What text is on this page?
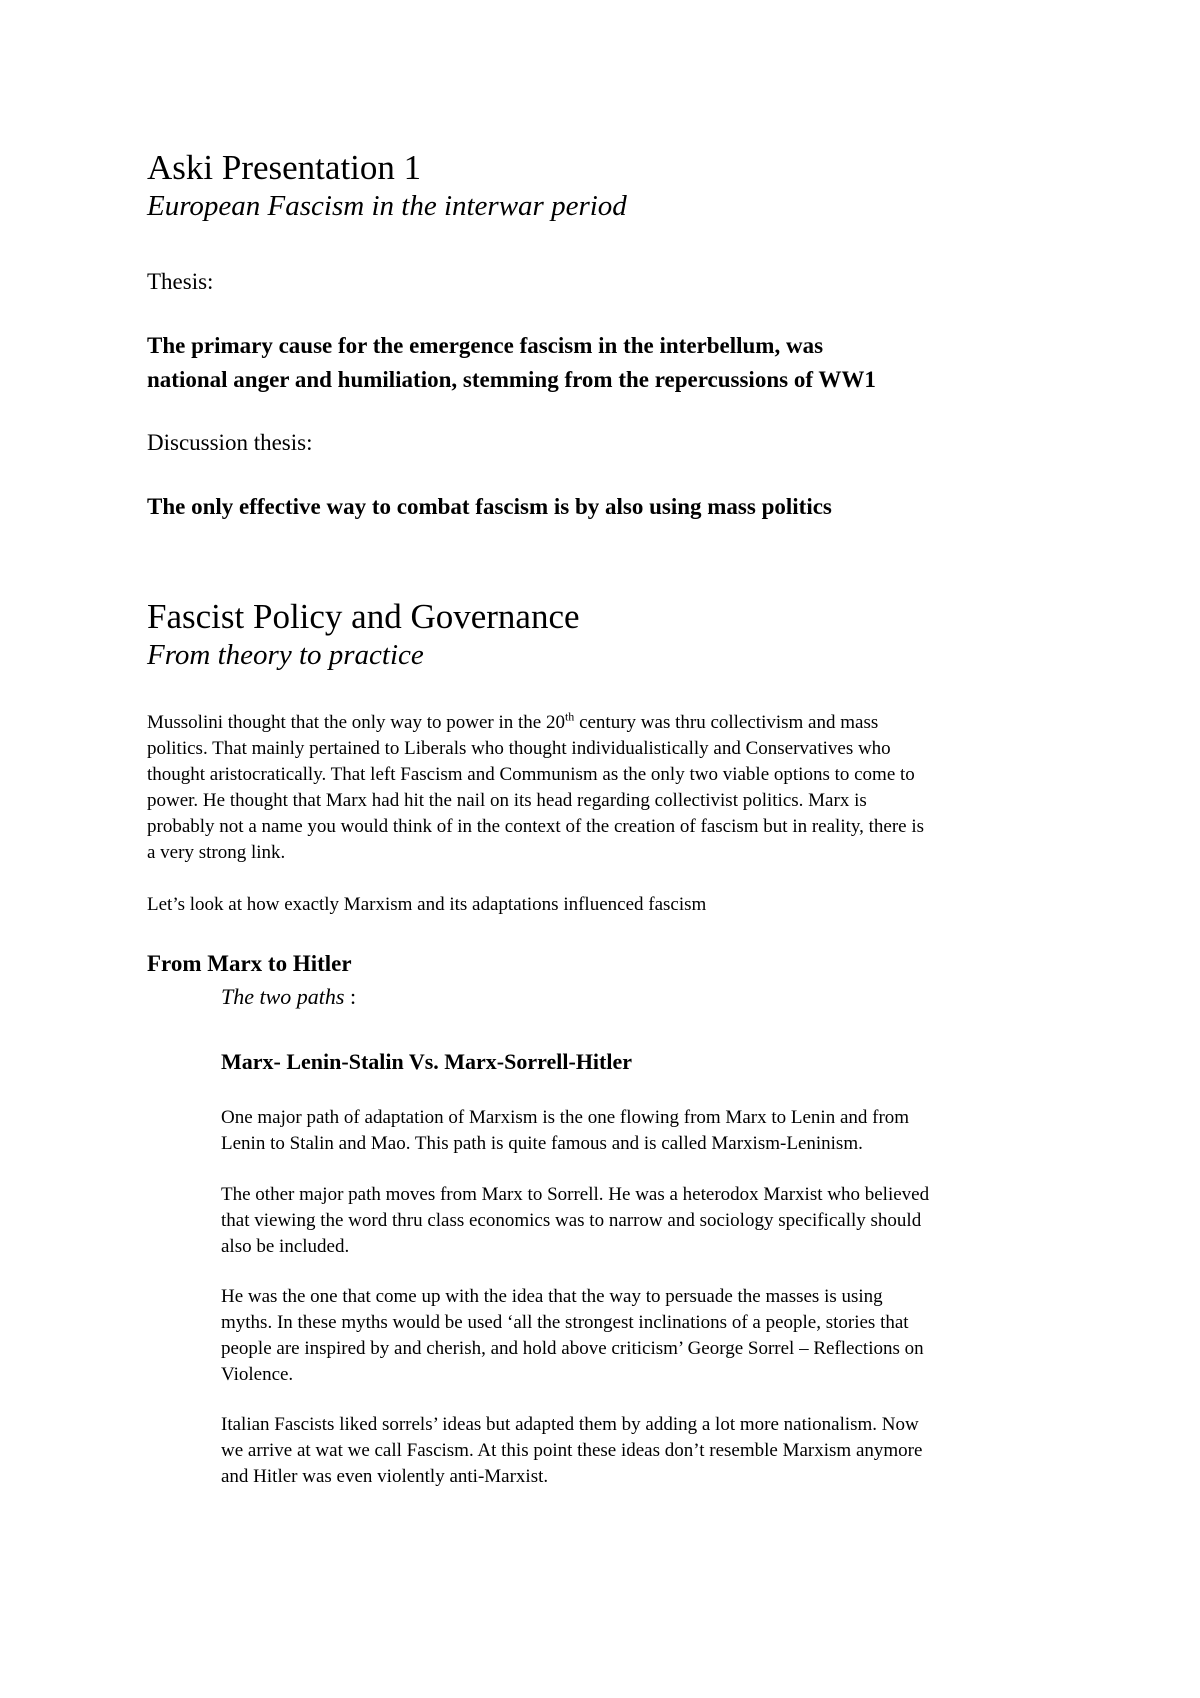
Aski Presentation 1
European Fascism in the interwar period
Thesis:
The primary cause for the emergence fascism in the interbellum, was
national anger and humiliation, stemming from the repercussions of WW1
Discussion thesis:
The only effective way to combat fascism is by also using mass politics
Fascist Policy and Governance
From theory to practice

Mussolini thought that the only way to power in the 20th century was thru collectivism and mass

politics. That mainly pertained to Liberals who thought individualistically and Conservatives who

thought aristocratically. That left Fascism and Communism as the only two viable options to come to

power. He thought that Marx had hit the nail on its head regarding collectivist politics. Marx is

probably not a name you would think of in the context of the creation of fascism but in reality, there is

a very strong link.

Let’s look at how exactly Marxism and its adaptations influenced fascism
From Marx to Hitler
The two paths :
Marx- Lenin-Stalin Vs. Marx-Sorrell-Hitler

One major path of adaptation of Marxism is the one flowing from Marx to Lenin and from

Lenin to Stalin and Mao. This path is quite famous and is called Marxism-Leninism.

The other major path moves from Marx to Sorrell. He was a heterodox Marxist who believed

that viewing the word thru class economics was to narrow and sociology specifically should

also be included.

He was the one that come up with the idea that the way to persuade the masses is using

myths. In these myths would be used ‘all the strongest inclinations of a people, stories that

people are inspired by and cherish, and hold above criticism’ George Sorrel – Reflections on

Violence.

Italian Fascists liked sorrels’ ideas but adapted them by adding a lot more nationalism. Now

we arrive at wat we call Fascism. At this point these ideas don’t resemble Marxism anymore

and Hitler was even violently anti-Marxist.
